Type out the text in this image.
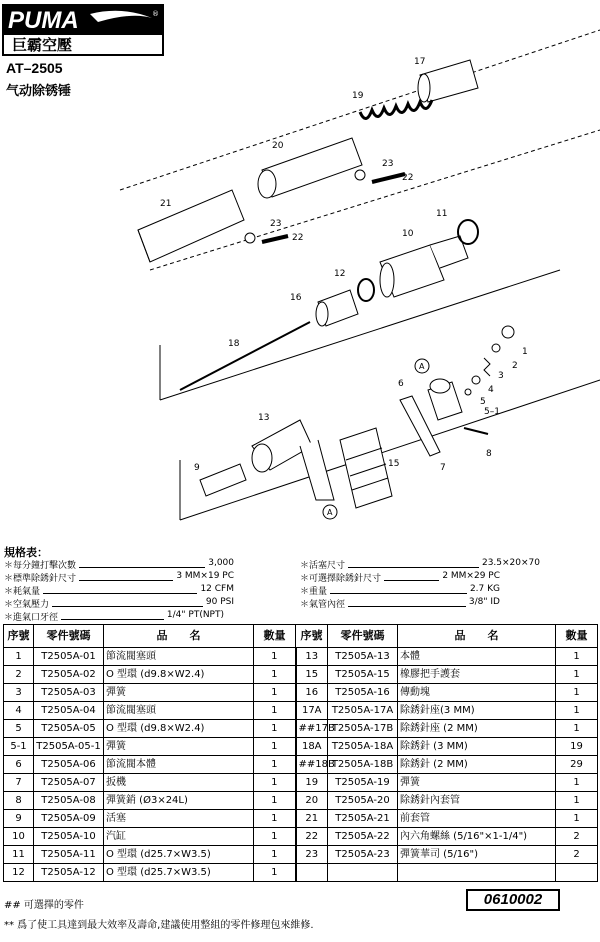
PUMA	®
巨霸空壓
AT–2505
气动除锈锤
17
19
20
23
22
21
23
22
11
10
12
16
18
1
2
3
4
5
5–1
6
A
7
8
13
15
9
A
規格表：
＊每分鐘打擊次數	3,000
＊標準除銹針尺寸	3 MM×19 PC
＊耗氣量	12 CFM
＊空氣壓力	90 PSI
＊進氣口牙徑	1/4" PT(NPT)
＊活塞尺寸	23.5×20×70
＊可選擇除銹針尺寸	2 MM×29 PC
＊重量	2.7 KG
＊氣管內徑	3/8" ID
序號	零件號碼	品　　名	數量	序號	零件號碼	品　　名	數量
1	T2505A-01	節流閥塞頭	1	13	T2505A-13	本體	1
2	T2505A-02	O 型環 (d9.8×W2.4)	1	15	T2505A-15	橡膠把手護套	1
3	T2505A-03	彈簧	1	16	T2505A-16	傳動塊	1
4	T2505A-04	節流閥塞頭	1	17A	T2505A-17A	除銹針座(3 MM)	1
5	T2505A-05	O 型環 (d9.8×W2.4)	1	##17B	T2505A-17B	除銹針座 (2 MM)	1
5-1	T2505A-05-1	彈簧	1	18A	T2505A-18A	除銹針 (3 MM)	19
6	T2505A-06	節流閥本體	1	##18B	T2505A-18B	除銹針 (2 MM)	29
7	T2505A-07	扳機	1	19	T2505A-19	彈簧	1
8	T2505A-08	彈簧銷 (Ø3×24L)	1	20	T2505A-20	除銹針內套管	1
9	T2505A-09	活塞	1	21	T2505A-21	前套管	1
10	T2505A-10	汽缸	1	22	T2505A-22	內六角螺絲 (5/16"×1-1/4")	2
11	T2505A-11	O 型環 (d25.7×W3.5)	1	23	T2505A-23	彈簧華司 (5/16")	2
12	T2505A-12	O 型環 (d25.7×W3.5)	1				
## 可選擇的零件	0610002
** 爲了使工具達到最大效率及壽命,建議使用整組的零件修理包來維修.
